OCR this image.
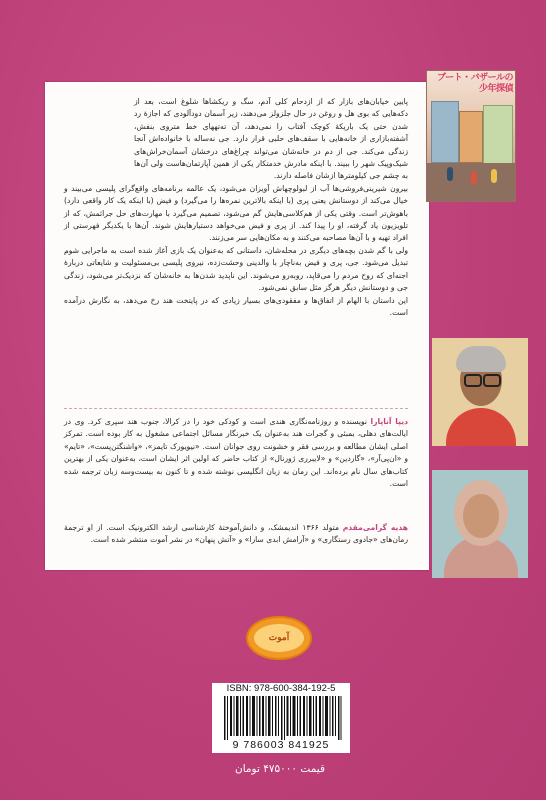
ブート・バザールの少年探偵

پایین خیابان‌های بازار که از ازدحام کلی آدم، سگ و ریکشاها شلوغ است، بعد از دکه‌هایی که بوی هل و روغن در حال جلزولز می‌دهند، زیر آسمان دودآلودی که اجازهٔ رد شدن حتی یک باریکهٔ کوچک آفتاب را نمی‌دهد، آن ته‌تههای خط متروی بنفش، آشفته‌بازاری از خانه‌هایی با سقف‌های حلبی قرار دارد. جی نه‌ساله با خانواده‌اش آنجا زندگی می‌کند. جی از دم در خانه‌شان می‌تواند چراغ‌های درخشان آسمان‌خراش‌های شیک‌وپیک شهر را ببیند. با اینکه مادرش خدمتکار یکی از همین آپارتمان‌هاست ولی آن‌ها به چشم جی کیلومترها ازشان فاصله دارند.

بیرون شیرینی‌فروشی‌ها آب از لبولوچهاش آویزان می‌شود، یک عالمه برنامه‌های واقع‌گرای پلیسی می‌بیند و خیال می‌کند از دوستانش یعنی پری (با اینکه بالاترین نمره‌ها را می‌گیرد) و فیض (با اینکه یک کار واقعی دارد) باهوش‌تر است. وقتی یکی از هم‌کلاسی‌هایش گم می‌شود، تصمیم می‌گیرد با مهارت‌های حل جرائمش، که از تلویزیون یاد گرفته، او را پیدا کند. از پری و فیض می‌خواهد دستیارهایش شوند. آن‌ها با یکدیگر فهرستی از افراد تهیه و با آن‌ها مصاحبه می‌کنند و به مکان‌هایی سر می‌زنند.

ولی با گم شدن بچه‌های دیگری در محله‌شان، داستانی که به‌عنوان یک بازی آغاز شده است به ماجرایی شوم تبدیل می‌شود. جی، پری و فیض به‌ناچار با والدینی وحشت‌زده، نیروی پلیسی بی‌مسئولیت و شایعاتی دربارهٔ اجنه‌ای که روح مردم را می‌قاپد، روبه‌رو می‌شوند. این ناپدید شدن‌ها به خانه‌شان که نزدیک‌تر می‌شود، زندگی جی و دوستانش دیگر هرگز مثل سابق نمی‌شود.

این داستان با الهام از اتفاق‌ها و مفقودی‌های بسیار زیادی که در پایتخت هند رخ می‌دهد، به نگارش درآمده است.

دیپا آناپارا نویسنده و روزنامه‌نگاری هندی است و کودکی خود را در کرالا، جنوب هند سپری کرد. وی در ایالت‌های دهلی، بمبئی و گجرات هند به‌عنوان یک خبرنگار مسائل اجتماعی مشغول به کار بوده است. تمرکز اصلی ایشان مطالعه و بررسی فقر و خشونت روی جوانان است. «نیویورک تایمز»، «واشنگتن‌پست»، «تایم» و «ان‌پی‌آر»، «گاردین» و «لایبرری ژورنال» از کتاب حاضر که اولین اثر ایشان است، به‌عنوان یکی از بهترین کتاب‌های سال نام برده‌اند. این رمان به زبان انگلیسی نوشته شده و تا کنون به بیست‌وسه زبان ترجمه شده است.
هدیه گرامی‌مقدم متولد ۱۳۶۶ اندیمشک، و دانش‌آموختهٔ کارشناسی ارشد الکترونیک است. از او ترجمهٔ رمان‌های «جادوی رستگاری» و «آرامش ابدی سارا» و «آتش پنهان» در نشر آموت منتشر شده است.
آموت
ISBN: 978-600-384-192-5
9 786003 841925
قیمت ۴۷۵۰۰۰ تومان
